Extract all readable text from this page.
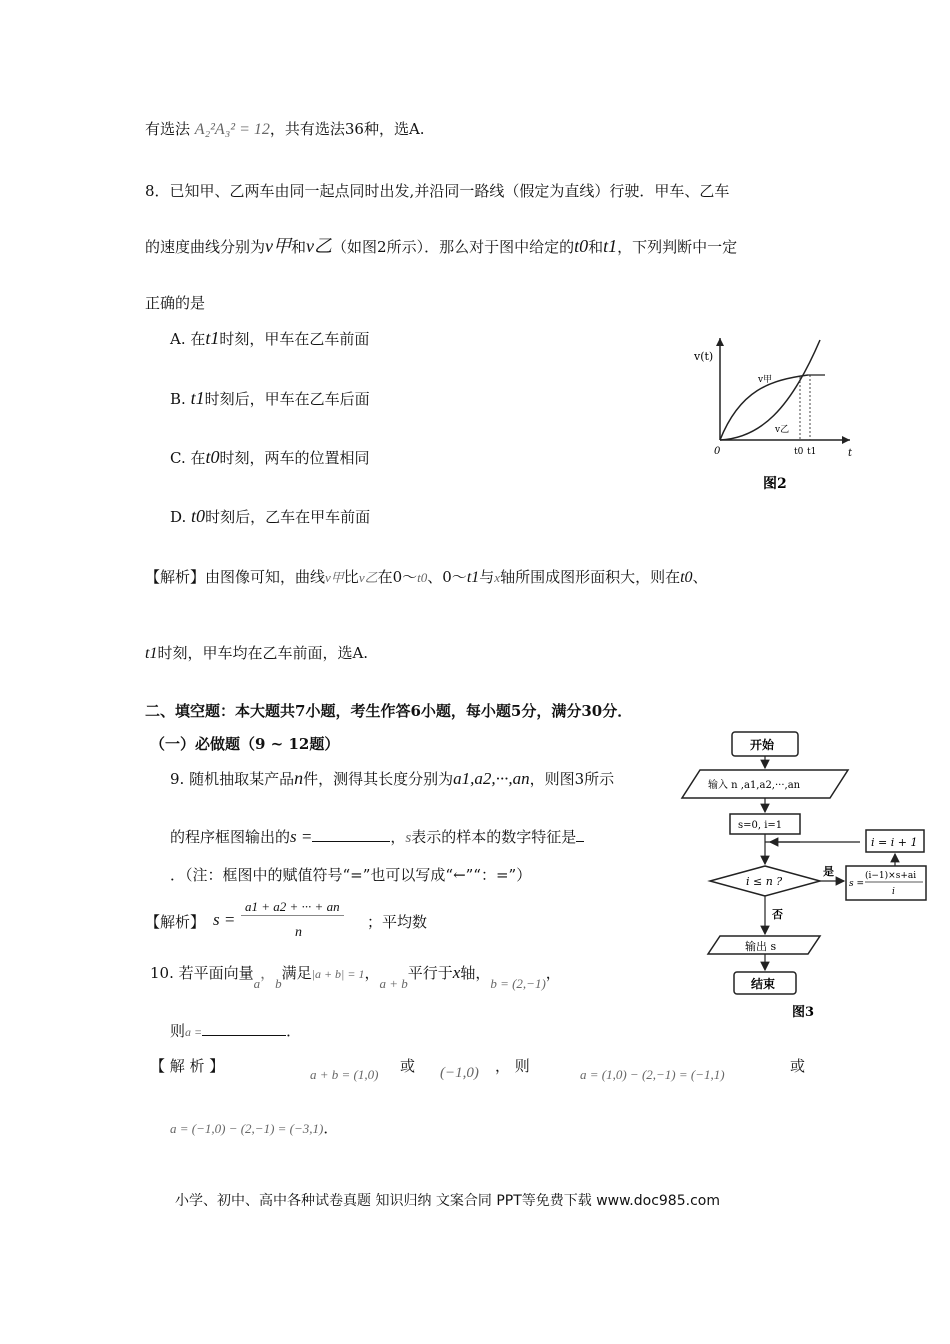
有选法 A₂²A₃² = 12，共有选法36种，选A.
8．已知甲、乙两车由同一起点同时出发,并沿同一路线（假定为直线）行驶．甲车、乙车
的速度曲线分别为v甲和v乙（如图2所示）．那么对于图中给定的t0和t1，下列判断中一定
正确的是
A. 在t1时刻，甲车在乙车前面
B. t1时刻后，甲车在乙车后面
C. 在t0时刻，两车的位置相同
D. t0时刻后，乙车在甲车前面
v(t)
v甲
v乙
0	t0 t1	t
图2
【解析】由图像可知，曲线v甲比v乙在0～t0、0～t1与x轴所围成图形面积大，则在t0、
t1时刻，甲车均在乙车前面，选A.
二、填空题：本大题共7小题，考生作答6小题，每小题5分，满分30分．
（一）必做题（9 ~ 12题）
9. 随机抽取某产品n件，测得其长度分别为a1,a2,···,an，则图3所示
的程序框图输出的s =	，s表示的样本的数字特征是
．（注：框图中的赋值符号“=”也可以写成“←”“：=”）
【解析】 s =
a1 + a2 + ··· + an
n
；平均数
开始
输入 n ,a1,a2,···,an
s=0, i=1
i = i + 1
i ≤ n ?
是
s =
(i−1)×s+ai
i
否
输出 s
结束
图3
10. 若平面向量a，b满足|a + b| = 1，a + b平行于x轴，b = (2,−1)，
则a =	．
【 解 析 】	a + b = (1,0) 或 (−1,0) ， 则	a = (1,0) − (2,−1) = (−1,1)	或
a = (−1,0) − (2,−1) = (−3,1)．
小学、初中、高中各种试卷真题 知识归纳 文案合同 PPT等免费下载 www.doc985.com
